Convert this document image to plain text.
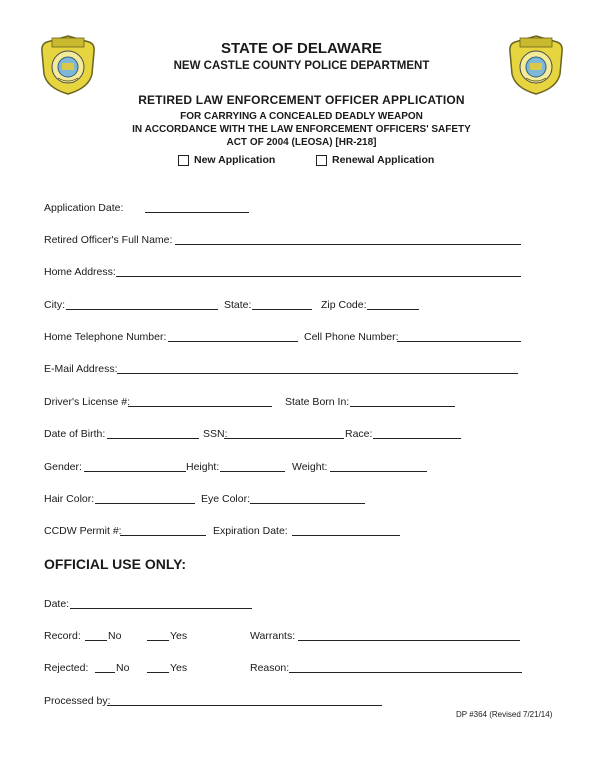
STATE OF DELAWARE
NEW CASTLE COUNTY POLICE DEPARTMENT
RETIRED LAW ENFORCEMENT OFFICER APPLICATION
FOR CARRYING A CONCEALED DEADLY WEAPON
IN ACCORDANCE WITH THE LAW ENFORCEMENT OFFICERS' SAFETY
ACT OF 2004 (LEOSA) [HR-218]
New Application	Renewal Application
Application Date:
Retired Officer's Full Name:
Home Address:
City:	State:	Zip Code:
Home Telephone Number:	Cell Phone Number:
E-Mail Address:
Driver's License #:	State Born In:
Date of Birth:	SSN:	Race:
Gender:	Height:	Weight:
Hair Color:	Eye Color:
CCDW Permit #:	Expiration Date:
OFFICIAL USE ONLY:
Date:
Record:	No	Yes	Warrants:
Rejected:	No	Yes	Reason:
Processed by:
DP #364 (Revised 7/21/14)
